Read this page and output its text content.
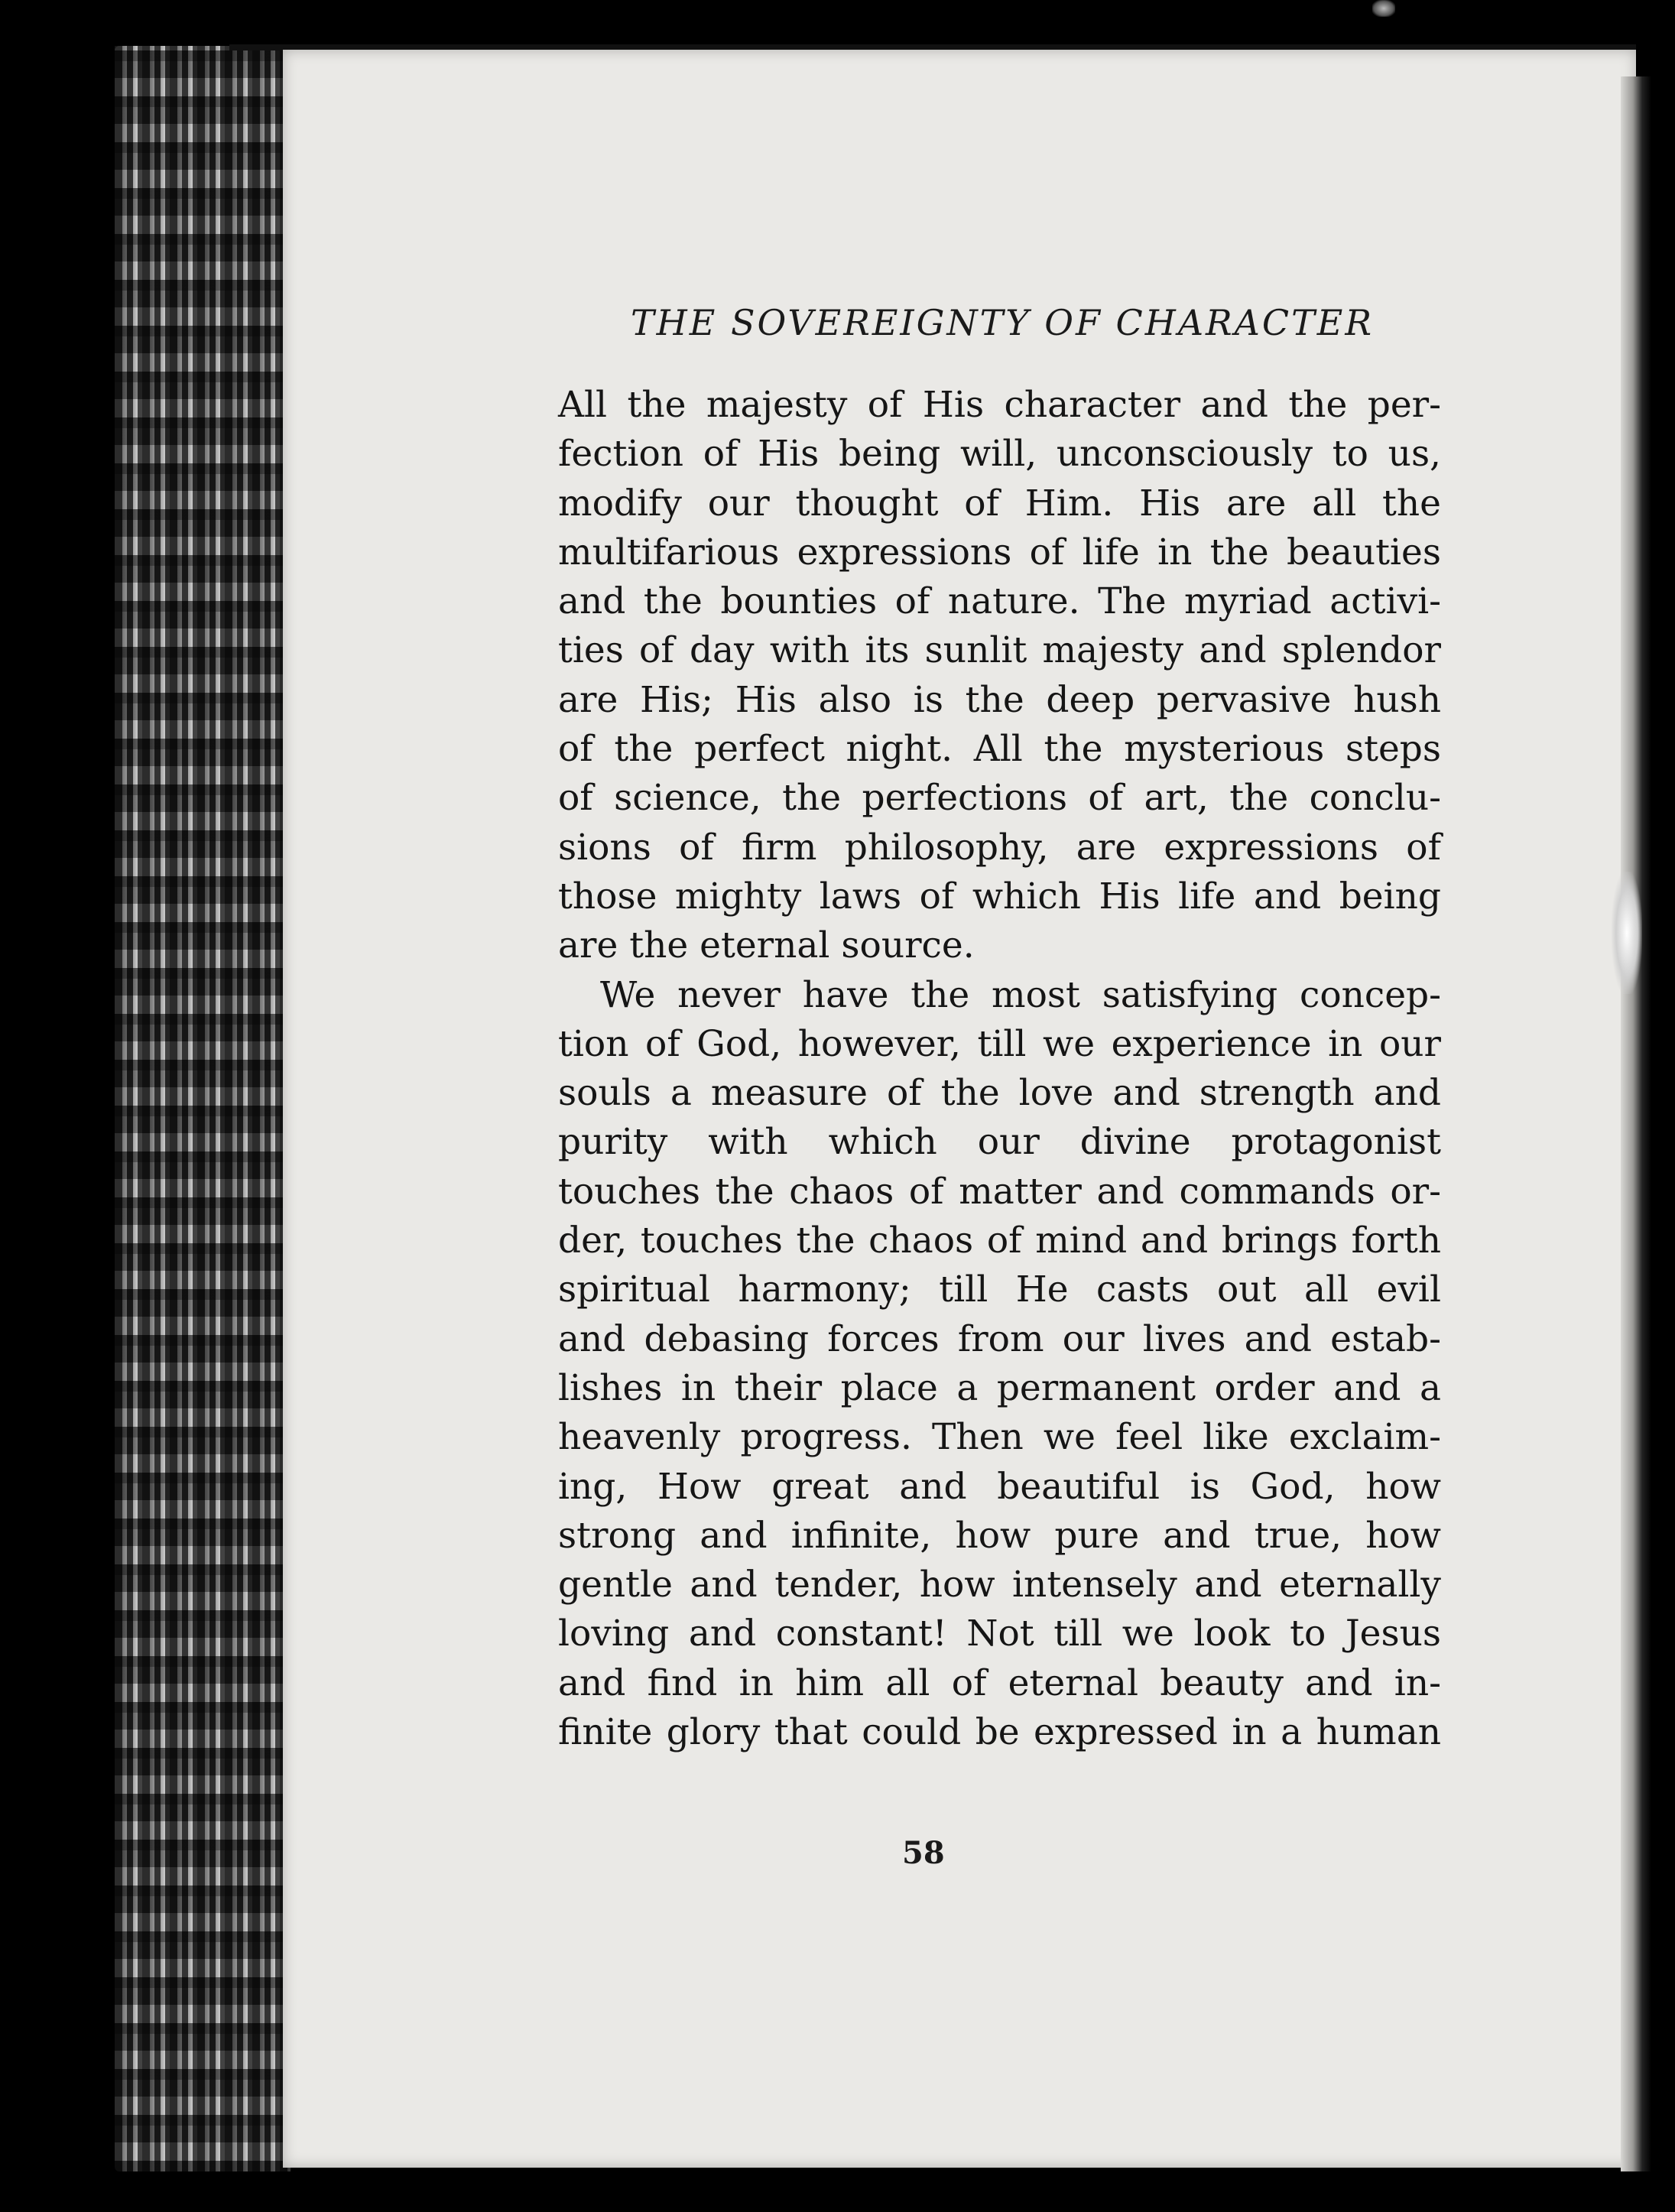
THE SOVEREIGNTY OF CHARACTER
All the majesty of His character and the per-
fection of His being will, unconsciously to us,
modify our thought of Him. His are all the
multifarious expressions of life in the beauties
and the bounties of nature. The myriad activi-
ties of day with its sunlit majesty and splendor
are His; His also is the deep pervasive hush
of the perfect night. All the mysterious steps
of science, the perfections of art, the conclu-
sions of firm philosophy, are expressions of
those mighty laws of which His life and being
are the eternal source.
We never have the most satisfying concep-
tion of God, however, till we experience in our
souls a measure of the love and strength and
purity with which our divine protagonist
touches the chaos of matter and commands or-
der, touches the chaos of mind and brings forth
spiritual harmony; till He casts out all evil
and debasing forces from our lives and estab-
lishes in their place a permanent order and a
heavenly progress. Then we feel like exclaim-
ing, How great and beautiful is God, how
strong and infinite, how pure and true, how
gentle and tender, how intensely and eternally
loving and constant! Not till we look to Jesus
and find in him all of eternal beauty and in-
finite glory that could be expressed in a human
58
